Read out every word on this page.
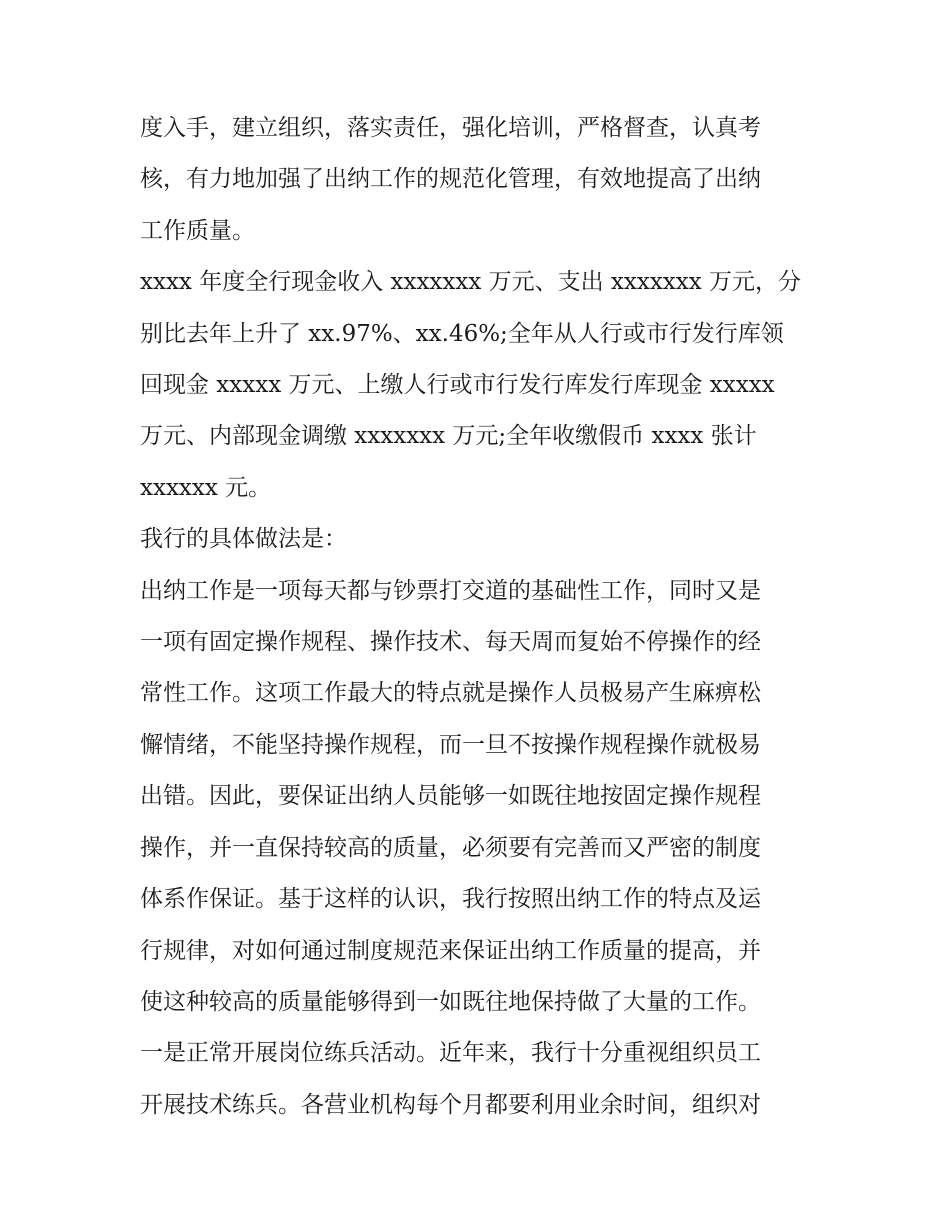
度入手，建立组织，落实责任，强化培训，严格督查，认真考
核，有力地加强了出纳工作的规范化管理，有效地提高了出纳
工作质量。

xxxx 年度全行现金收入 xxxxxxx 万元、支出 xxxxxxx 万元，分
别比去年上升了 xx.97%、xx.46%;全年从人行或市行发行库领
回现金 xxxxx 万元、上缴人行或市行发行库发行库现金 xxxxx
万元、内部现金调缴 xxxxxxx 万元;全年收缴假币 xxxx 张计
xxxxxx 元。

我行的具体做法是：

出纳工作是一项每天都与钞票打交道的基础性工作，同时又是
一项有固定操作规程、操作技术、每天周而复始不停操作的经
常性工作。这项工作最大的特点就是操作人员极易产生麻痹松
懈情绪，不能坚持操作规程，而一旦不按操作规程操作就极易
出错。因此，要保证出纳人员能够一如既往地按固定操作规程
操作，并一直保持较高的质量，必须要有完善而又严密的制度
体系作保证。基于这样的认识，我行按照出纳工作的特点及运
行规律，对如何通过制度规范来保证出纳工作质量的提高，并
使这种较高的质量能够得到一如既往地保持做了大量的工作。

一是正常开展岗位练兵活动。近年来，我行十分重视组织员工
开展技术练兵。各营业机构每个月都要利用业余时间，组织对
